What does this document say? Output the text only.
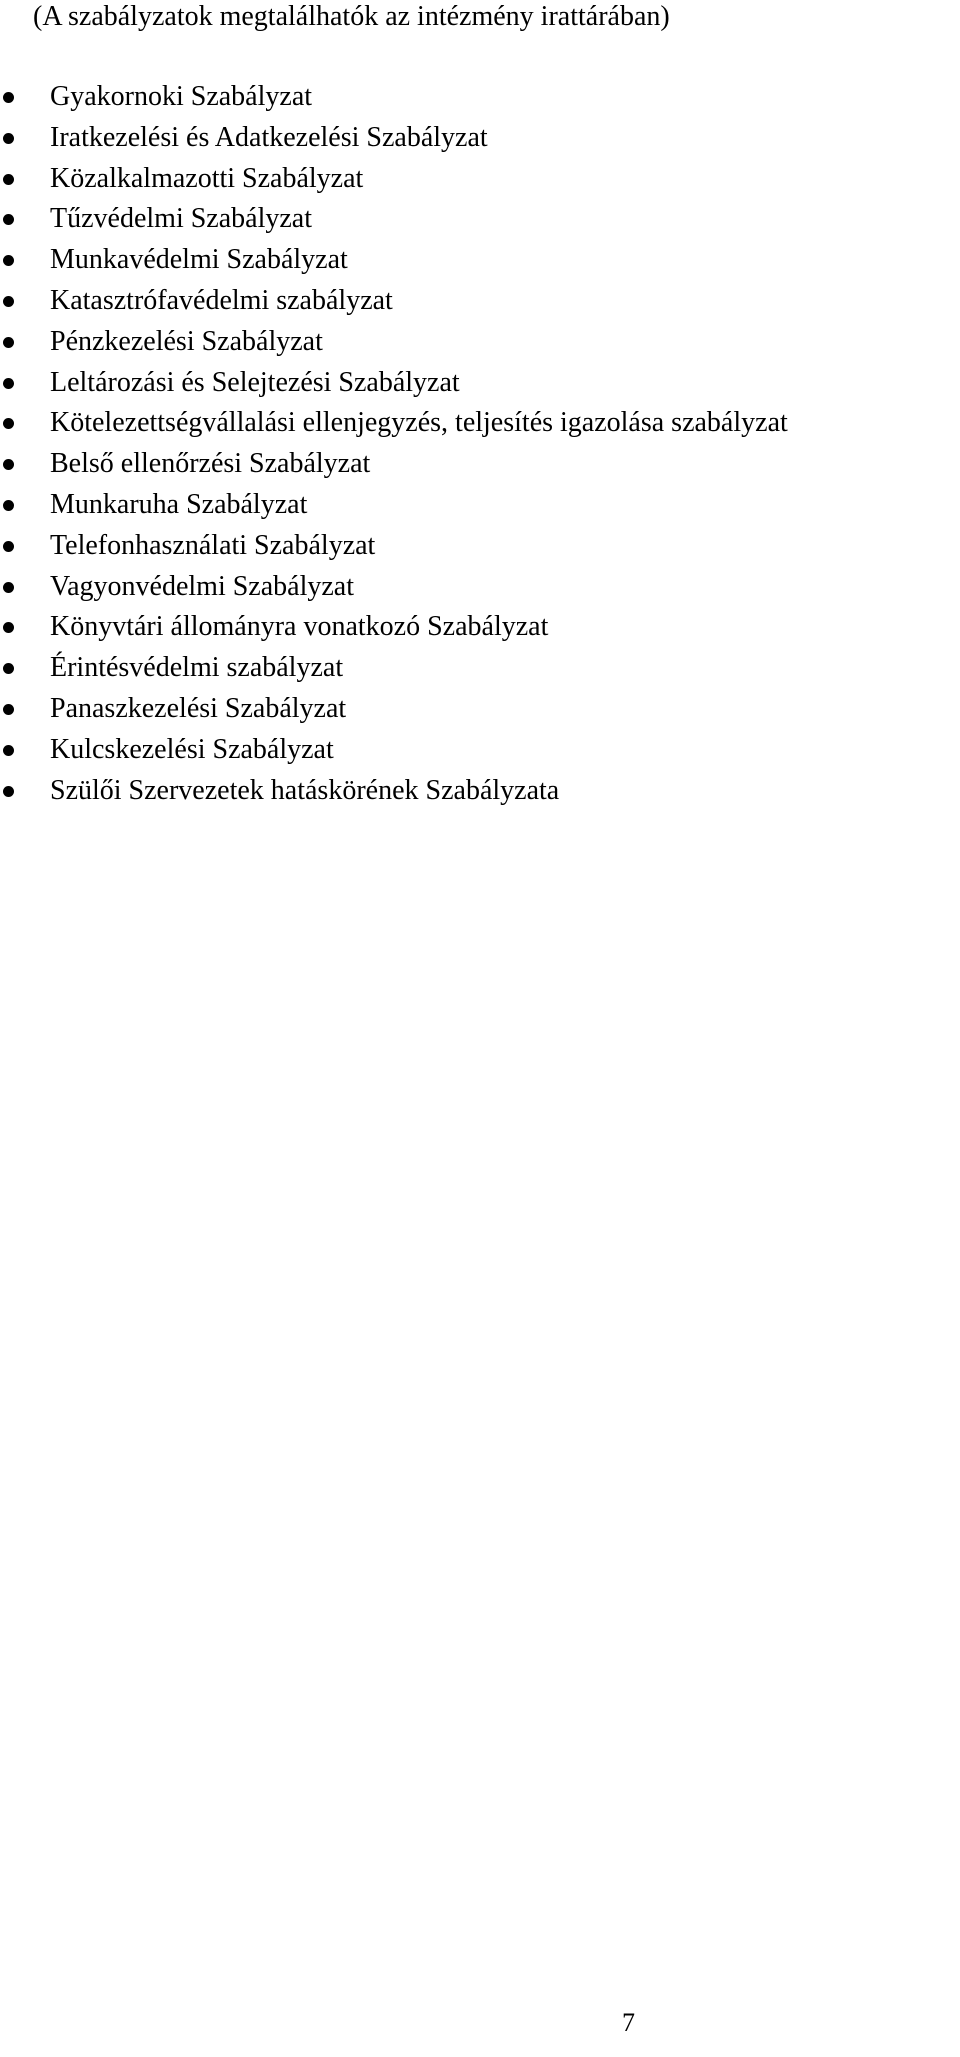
(A szabályzatok megtalálhatók az intézmény irattárában)
Gyakornoki Szabályzat
Iratkezelési és Adatkezelési Szabályzat
Közalkalmazotti Szabályzat
Tűzvédelmi Szabályzat
Munkavédelmi Szabályzat
Katasztrófavédelmi szabályzat
Pénzkezelési Szabályzat
Leltározási és Selejtezési Szabályzat
Kötelezettségvállalási ellenjegyzés, teljesítés igazolása szabályzat
Belső ellenőrzési Szabályzat
Munkaruha Szabályzat
Telefonhasználati Szabályzat
Vagyonvédelmi Szabályzat
Könyvtári állományra vonatkozó Szabályzat
Érintésvédelmi szabályzat
Panaszkezelési Szabályzat
Kulcskezelési Szabályzat
Szülői Szervezetek hatáskörének Szabályzata
7
